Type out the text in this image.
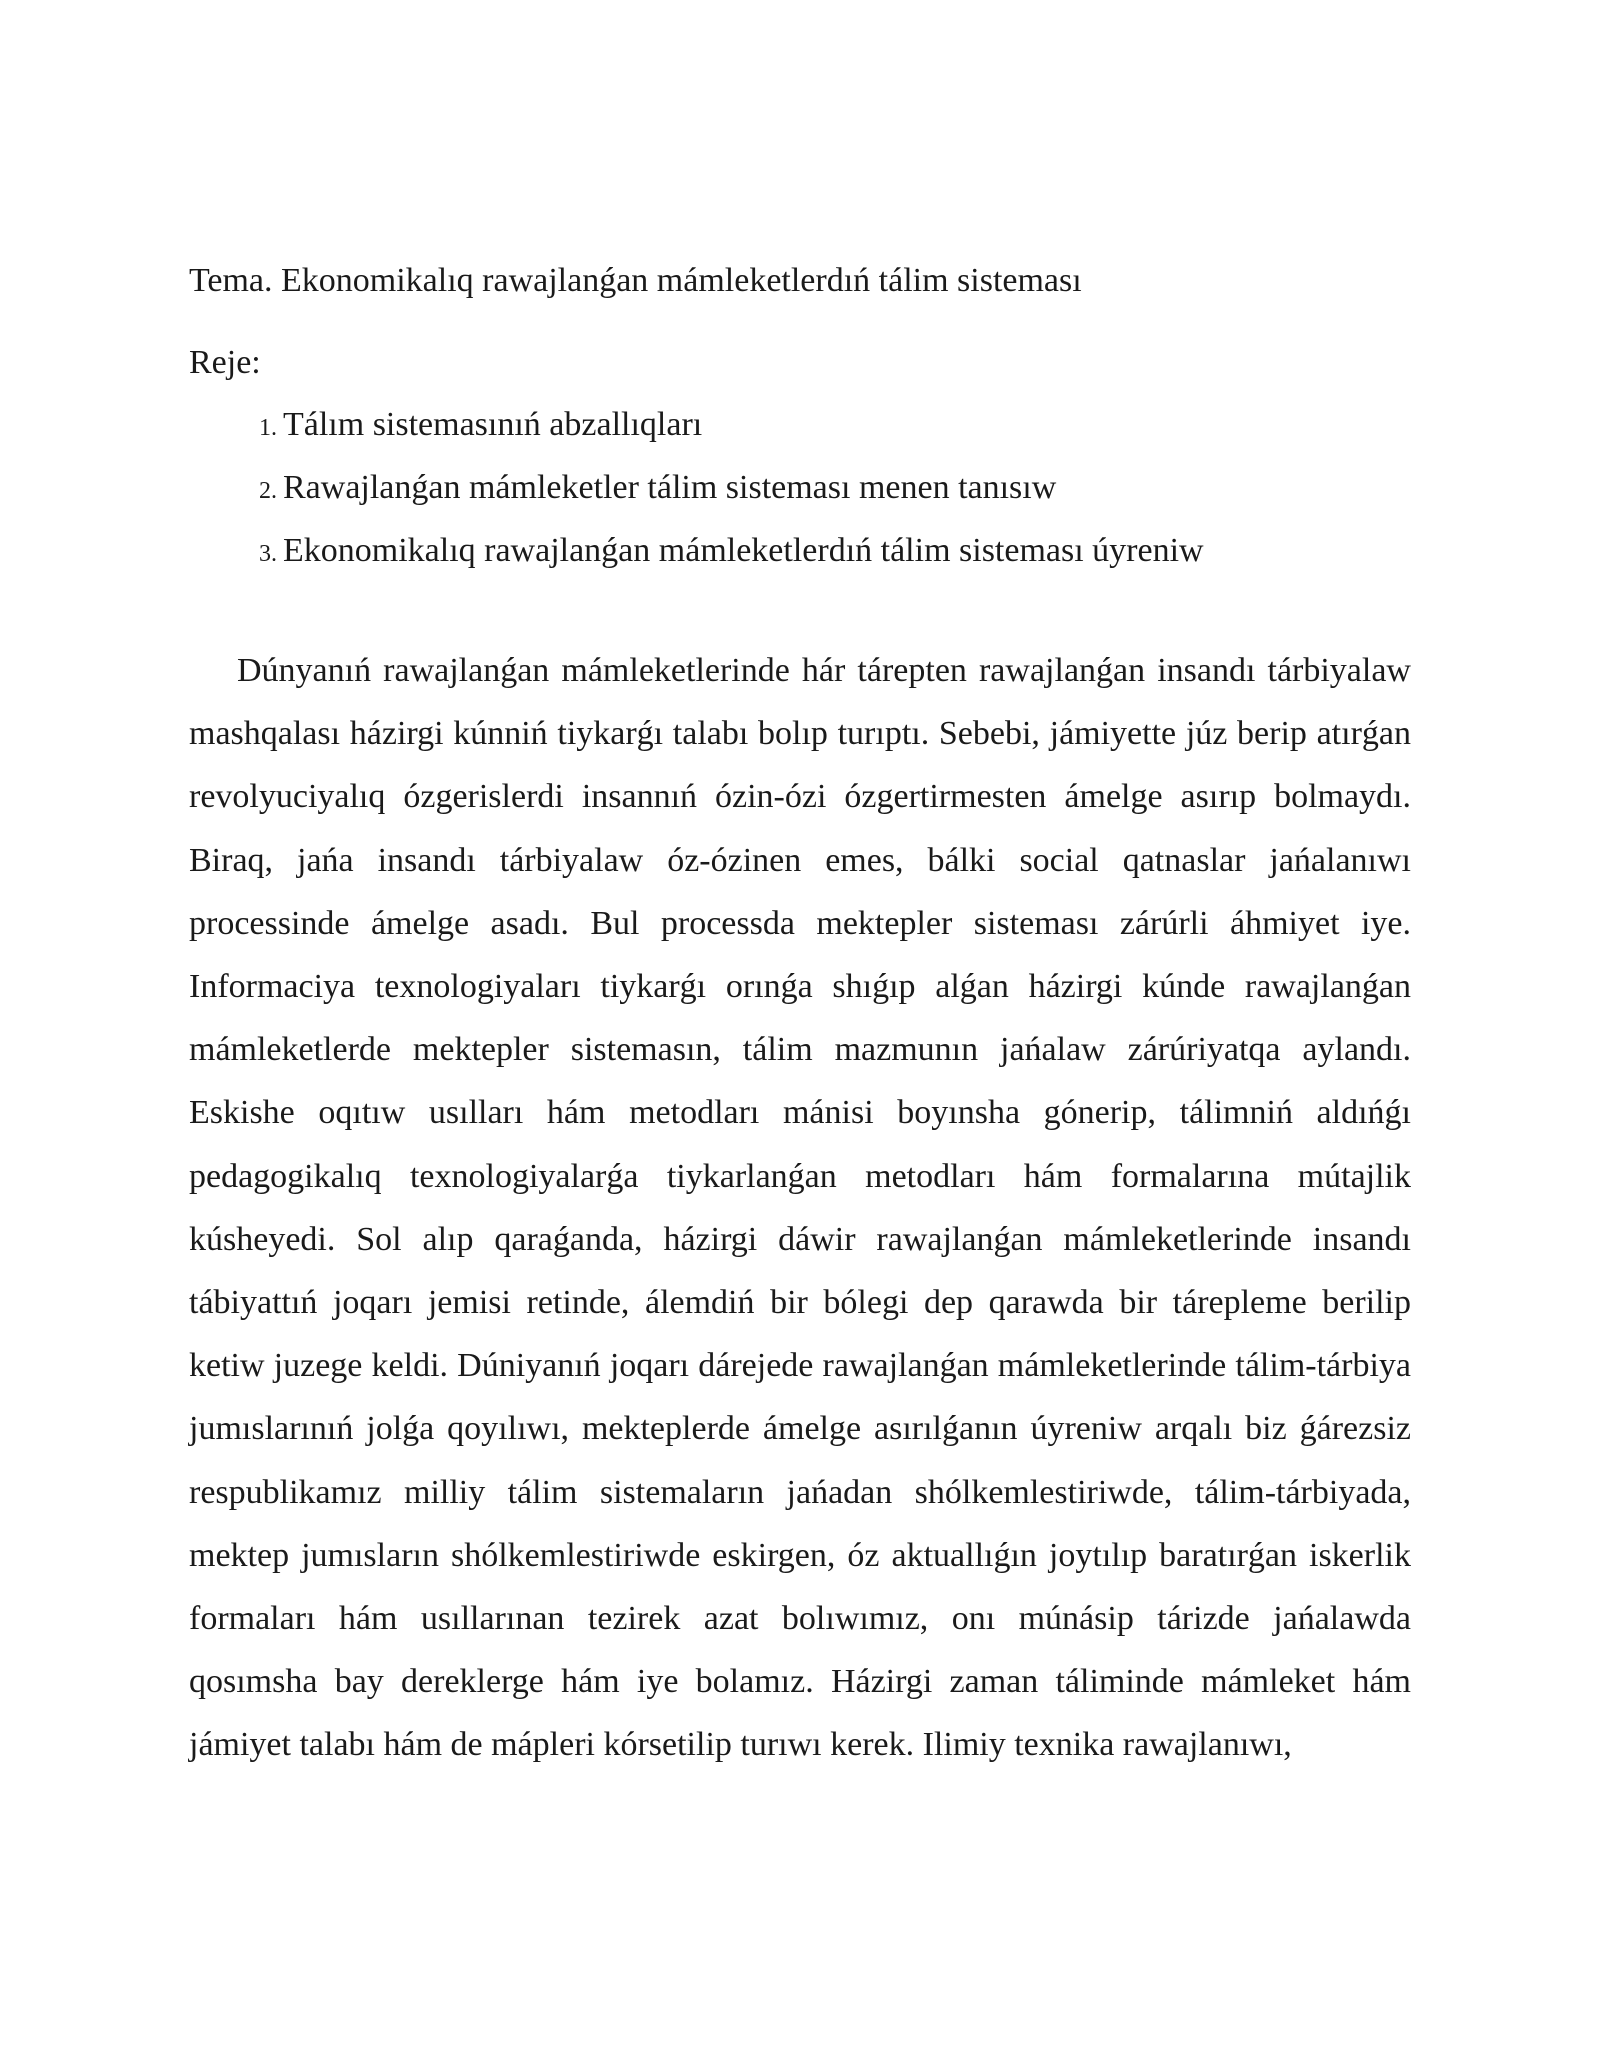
Tema. Ekonomikalıq rawajlanǵan mámleketlerdıń tálim sisteması
Reje:
1. Tálım sistemasınıń abzallıqları
2. Rawajlanǵan mámleketler tálim sisteması menen tanısıw
3. Ekonomikalıq rawajlanǵan mámleketlerdıń tálim sisteması úyreniw

Dúnyanıń rawajlanǵan mámleketlerinde hár tárepten rawajlanǵan insandı tárbiyalaw mashqalası házirgi kúnniń tiykarǵı talabı bolıp turıptı. Sebebi, jámiyette júz berip atırǵan revolyuciyalıq ózgerislerdi insannıń ózin-ózi ózgertirmesten ámelge asırıp bolmaydı. Biraq, jańa insandı tárbiyalaw óz-ózinen emes, bálki social qatnaslar jańalanıwı processinde ámelge asadı. Bul processda mektepler sisteması zárúrli áhmiyet iye. Informaciya texnologiyaları tiykarǵı orınǵa shıǵıp alǵan házirgi kúnde rawajlanǵan mámleketlerde mektepler sistemasın, tálim mazmunın jańalaw zárúriyatqa aylandı. Eskishe oqıtıw usılları hám metodları mánisi boyınsha gónerip, tálimniń aldıńǵı pedagogikalıq texnologiyalarǵa tiykarlanǵan metodları hám formalarına mútajlik kúsheyedi. Sol alıp qaraǵanda, házirgi dáwir rawajlanǵan mámleketlerinde insandı tábiyattıń joqarı jemisi retinde, álemdiń bir bólegi dep qarawda bir tárepleme berilip ketiw juzege keldi. Dúniyanıń joqarı dárejede rawajlanǵan mámleketlerinde tálim-tárbiya jumıslarınıń jolǵa qoyılıwı, mekteplerde ámelge asırılǵanın úyreniw arqalı biz ǵárezsiz respublikamız milliy tálim sistemaların jańadan shólkemlestiriwde, tálim-tárbiyada, mektep jumısların shólkemlestiriwde eskirgen, óz aktuallıǵın joytılıp baratırǵan iskerlik formaları hám usıllarınan tezirek azat bolıwımız, onı múnásip tárizde jańalawda qosımsha bay dereklerge hám iye bolamız. Házirgi zaman táliminde mámleket hám jámiyet talabı hám de mápleri kórsetilip turıwı kerek. Ilimiy texnika rawajlanıwı,
